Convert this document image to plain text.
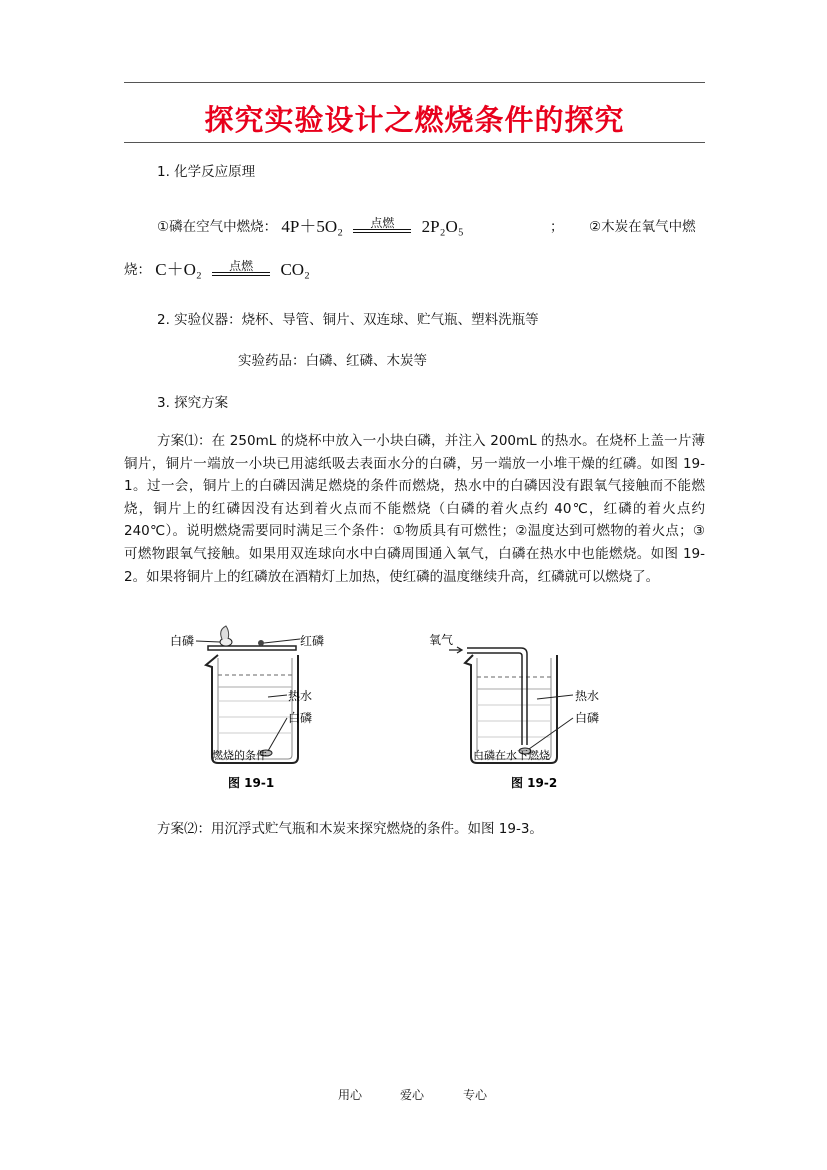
探究实验设计之燃烧条件的探究
1. 化学反应原理
①磷在空气中燃烧： 4P＋5O₂	点燃	2P₂O₅	； ②木炭在氧气中燃
烧： C＋O₂	点燃	CO₂
2. 实验仪器：烧杯、导管、铜片、双连球、贮气瓶、塑料洗瓶等
实验药品：白磷、红磷、木炭等
3. 探究方案
方案⑴：在 250mL 的烧杯中放入一小块白磷，并注入 200mL 的热水。在烧杯上盖一片薄铜片，铜片一端放一小块已用滤纸吸去表面水分的白磷，另一端放一小堆干燥的红磷。如图 19-1。过一会，铜片上的白磷因满足燃烧的条件而燃烧，热水中的白磷因没有跟氧气接触而不能燃烧，铜片上的红磷因没有达到着火点而不能燃烧（白磷的着火点约 40℃，红磷的着火点约 240℃）。说明燃烧需要同时满足三个条件：①物质具有可燃性；②温度达到可燃物的着火点；③可燃物跟氧气接触。如果用双连球向水中白磷周围通入氧气，白磷在热水中也能燃烧。如图 19-2。如果将铜片上的红磷放在酒精灯上加热，使红磷的温度继续升高，红磷就可以燃烧了。
白磷	红磷
热水
白磷
燃烧的条件
图 19-1
氧气
热水
白磷
白磷在水下燃烧
图 19-2
方案⑵：用沉浮式贮气瓶和木炭来探究燃烧的条件。如图 19-3。
用心	爱心	专心
